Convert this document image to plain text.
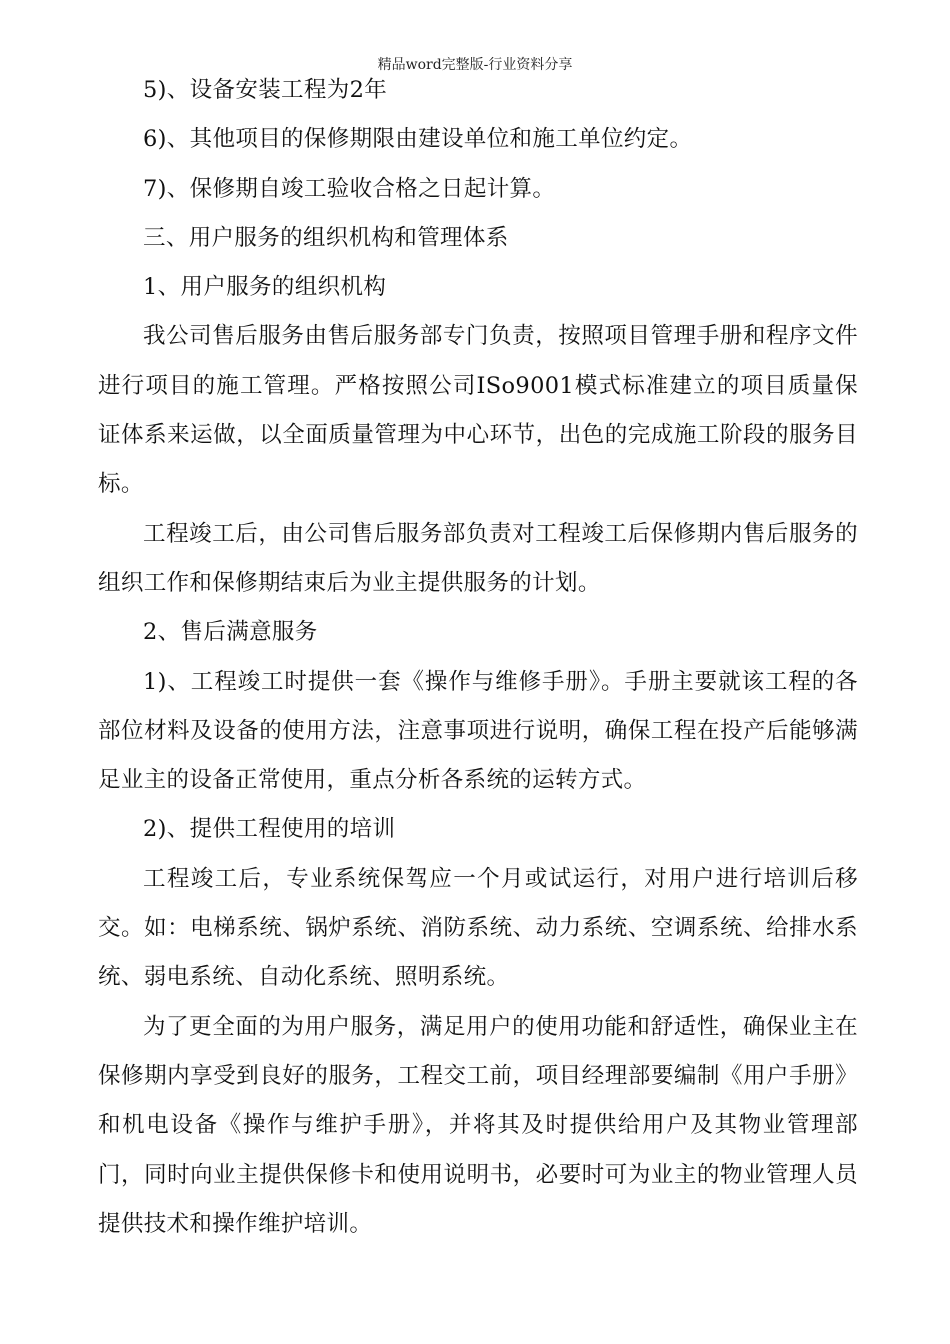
精品word完整版-行业资料分享

5)、设备安装工程为2年

6)、其他项目的保修期限由建设单位和施工单位约定。

7)、保修期自竣工验收合格之日起计算。

三、用户服务的组织机构和管理体系

1、用户服务的组织机构

我公司售后服务由售后服务部专门负责，按照项目管理手册和程序文件进行项目的施工管理。严格按照公司ISo9001模式标准建立的项目质量保证体系来运做，以全面质量管理为中心环节，出色的完成施工阶段的服务目标。

工程竣工后，由公司售后服务部负责对工程竣工后保修期内售后服务的组织工作和保修期结束后为业主提供服务的计划。

2、售后满意服务

1)、工程竣工时提供一套《操作与维修手册》。手册主要就该工程的各部位材料及设备的使用方法，注意事项进行说明，确保工程在投产后能够满足业主的设备正常使用，重点分析各系统的运转方式。

2)、提供工程使用的培训

工程竣工后，专业系统保驾应一个月或试运行，对用户进行培训后移交。如：电梯系统、锅炉系统、消防系统、动力系统、空调系统、给排水系统、弱电系统、自动化系统、照明系统。

为了更全面的为用户服务，满足用户的使用功能和舒适性，确保业主在保修期内享受到良好的服务，工程交工前，项目经理部要编制《用户手册》和机电设备《操作与维护手册》，并将其及时提供给用户及其物业管理部门，同时向业主提供保修卡和使用说明书，必要时可为业主的物业管理人员提供技术和操作维护培训。
